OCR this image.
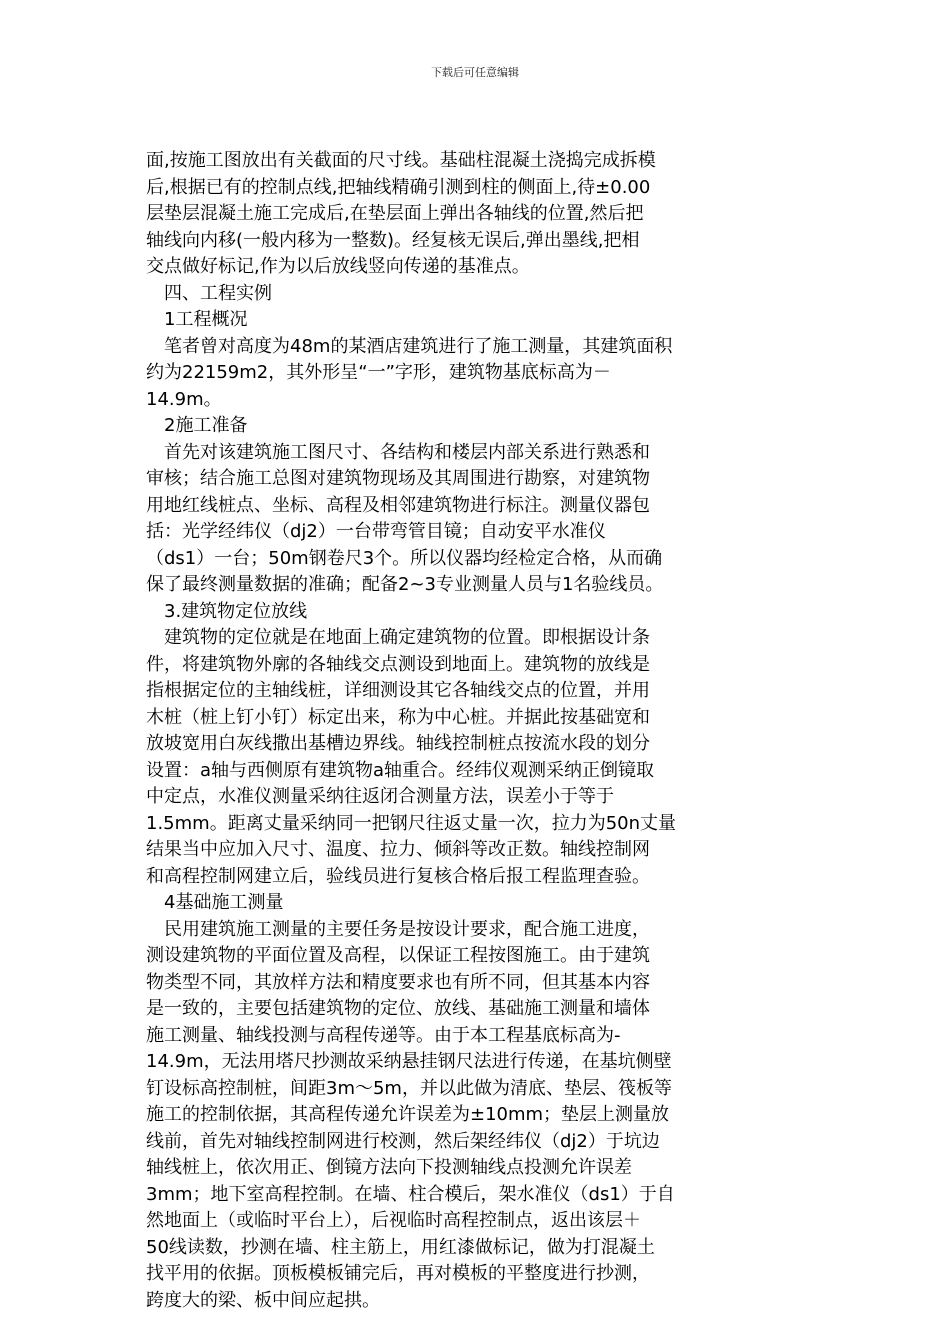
下载后可任意编辑
面,按施工图放出有关截面的尺寸线。基础柱混凝土浇捣完成拆模
后,根据已有的控制点线,把轴线精确引测到柱的侧面上,待±0.00
层垫层混凝土施工完成后,在垫层面上弹出各轴线的位置,然后把
轴线向内移(一般内移为一整数)。经复核无误后,弹出墨线,把相
交点做好标记,作为以后放线竖向传递的基准点。
　四、工程实例
　1工程概况
　笔者曾对高度为48m的某酒店建筑进行了施工测量，其建筑面积
约为22159m2，其外形呈“一”字形，建筑物基底标高为－
14.9m。
　2施工准备
　首先对该建筑施工图尺寸、各结构和楼层内部关系进行熟悉和
审核；结合施工总图对建筑物现场及其周围进行勘察，对建筑物
用地红线桩点、坐标、高程及相邻建筑物进行标注。测量仪器包
括：光学经纬仪（dj2）一台带弯管目镜；自动安平水准仪
（ds1）一台；50m钢卷尺3个。所以仪器均经检定合格，从而确
保了最终测量数据的准确；配备2~3专业测量人员与1名验线员。
　3.建筑物定位放线
　建筑物的定位就是在地面上确定建筑物的位置。即根据设计条
件，将建筑物外廓的各轴线交点测设到地面上。建筑物的放线是
指根据定位的主轴线桩，详细测设其它各轴线交点的位置，并用
木桩（桩上钉小钉）标定出来，称为中心桩。并据此按基础宽和
放坡宽用白灰线撒出基槽边界线。轴线控制桩点按流水段的划分
设置：a轴与西侧原有建筑物a轴重合。经纬仪观测采纳正倒镜取
中定点，水准仪测量采纳往返闭合测量方法，误差小于等于
1.5mm。距离丈量采纳同一把钢尺往返丈量一次，拉力为50n丈量
结果当中应加入尺寸、温度、拉力、倾斜等改正数。轴线控制网
和高程控制网建立后，验线员进行复核合格后报工程监理查验。
　4基础施工测量
　民用建筑施工测量的主要任务是按设计要求，配合施工进度，
测设建筑物的平面位置及高程，以保证工程按图施工。由于建筑
物类型不同，其放样方法和精度要求也有所不同，但其基本内容
是一致的，主要包括建筑物的定位、放线、基础施工测量和墙体
施工测量、轴线投测与高程传递等。由于本工程基底标高为-
14.9m，无法用塔尺抄测故采纳悬挂钢尺法进行传递，在基坑侧壁
钉设标高控制桩，间距3m～5m，并以此做为清底、垫层、筏板等
施工的控制依据，其高程传递允许误差为±10mm；垫层上测量放
线前，首先对轴线控制网进行校测，然后架经纬仪（dj2）于坑边
轴线桩上，依次用正、倒镜方法向下投测轴线点投测允许误差
3mm；地下室高程控制。在墙、柱合模后，架水准仪（ds1）于自
然地面上（或临时平台上），后视临时高程控制点，返出该层＋
50线读数，抄测在墙、柱主筋上，用红漆做标记，做为打混凝土
找平用的依据。顶板模板铺完后，再对模板的平整度进行抄测，
跨度大的梁、板中间应起拱。
